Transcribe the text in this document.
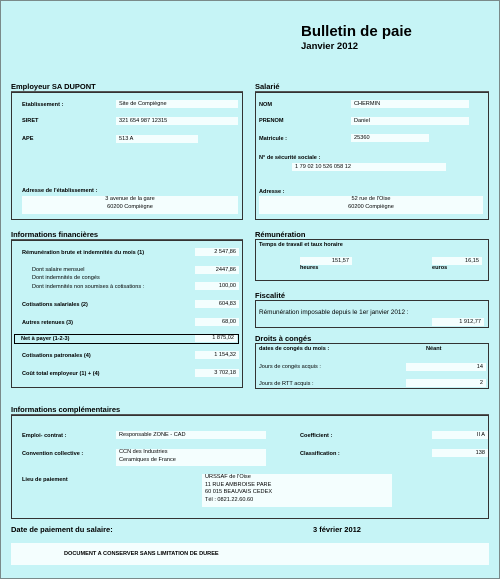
Bulletin de paie
Janvier 2012
Employeur SA DUPONT
Etablissement :	Site de Compiègne
SIRET	321 654 987 12315
APE	513 A
Adresse de l'établissement :
3 avenue de la gare
60200 Compiègne
Salarié
NOM	CHERMIN
PRENOM	Daniel
Matricule :	25360
N° de sécurité sociale :
1 79 02 10 526 058 12
Adresse :
52 rue de l'Oise
60200 Compiègne
Informations financières
Rémunération brute et indemnités du mois (1)	2 547,86
Dont salaire mensuel	2447,86
Dont indemnités de congés
Dont indemnités non soumises à cotisations :	100,00
Cotisations salariales (2)	604,83
Autres retenues (3)	68,00
Net à payer (1-2-3)	1 875,02
Cotisations patronales (4)	1 154,32
Coût total employeur (1) + (4)	3 702,18
Rémunération
Temps de travail et taux horaire
151,57
heures
16,15
euros
Fiscalité
Rémunération imposable depuis le 1er janvier 2012 :
1 912,77
Droits à congés
dates de congés du mois :	Néant
Jours de congés acquis :	14
Jours de RTT acquis :	2
Informations complémentaires
Emploi- contrat :	Responsable ZONE - CAD	Coefficient :	II A
Convention collective :	CCN des Industries
Ceramiques de France
Classification :	138
Lieu de paiement	URSSAF de l'Oise
11 RUE AMBROISE PARE
60 015 BEAUVAIS CEDEX
Tél : 0821.22.60.60
Date de paiement du salaire:	3 février 2012
DOCUMENT A CONSERVER SANS LIMITATION DE DUREE
